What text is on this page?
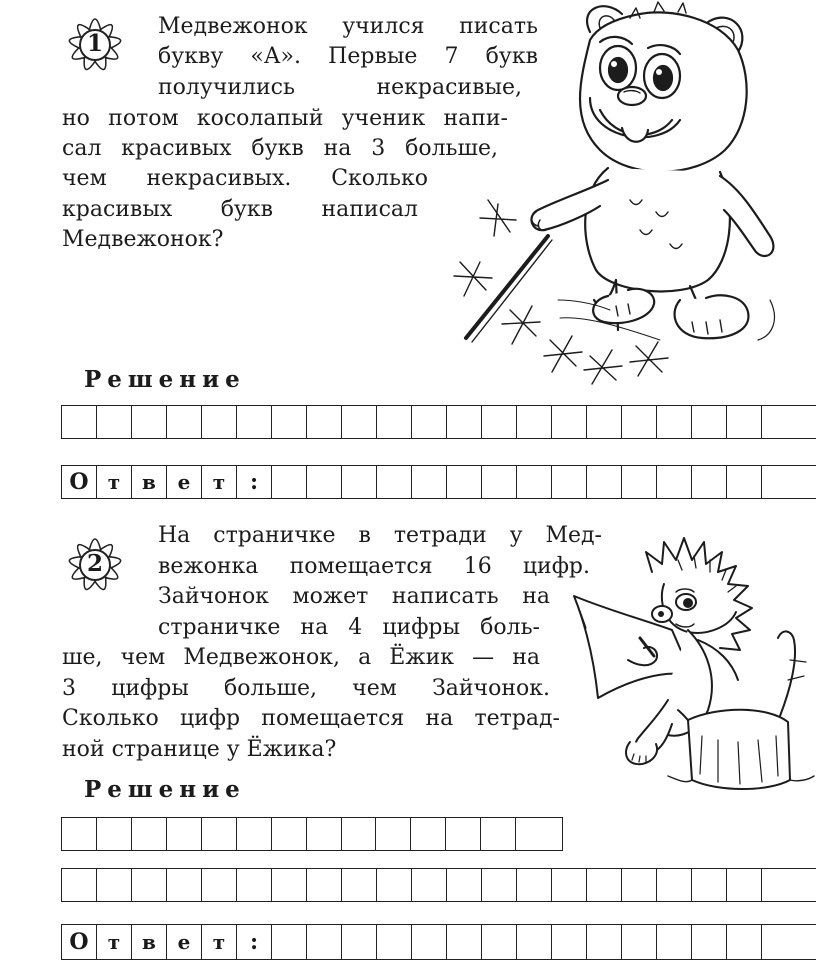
1
Медвежонок учился писать
букву «А». Первые 7 букв
получились некрасивые,
но потом косолапый ученик напи-
сал красивых букв на 3 больше,
чем некрасивых. Сколько
красивых букв написал
Медвежонок?
Решение
О т	в	е	т	:
2
На страничке в тетради у Мед-
вежонка помещается 16 цифр.
Зайчонок может написать на
страничке на 4 цифры боль-
ше, чем Медвежонок, а Ёжик — на
3 цифры больше, чем Зайчонок.
Сколько цифр помещается на тетрад-
ной странице у Ёжика?
Решение
О т	в	е	т	:
